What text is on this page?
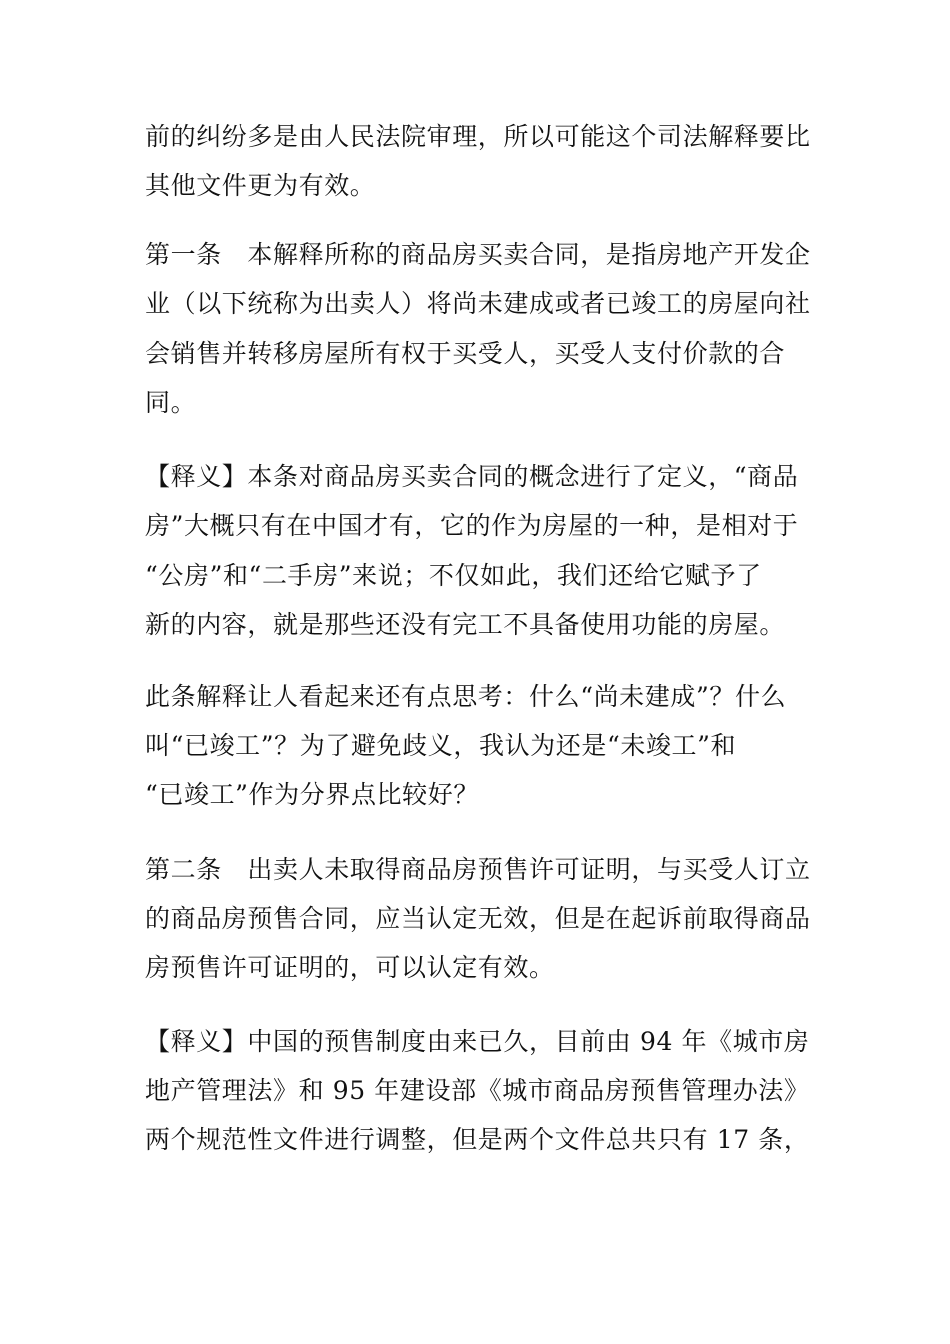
前的纠纷多是由人民法院审理，所以可能这个司法解释要比
其他文件更为有效。
第一条　本解释所称的商品房买卖合同，是指房地产开发企
业（以下统称为出卖人）将尚未建成或者已竣工的房屋向社
会销售并转移房屋所有权于买受人，买受人支付价款的合
同。
【释义】本条对商品房买卖合同的概念进行了定义，“商品
房”大概只有在中国才有，它的作为房屋的一种，是相对于
“公房”和“二手房”来说；不仅如此，我们还给它赋予了
新的内容，就是那些还没有完工不具备使用功能的房屋。
此条解释让人看起来还有点思考：什么“尚未建成”？什么
叫“已竣工”？为了避免歧义，我认为还是“未竣工”和
“已竣工”作为分界点比较好？
第二条　出卖人未取得商品房预售许可证明，与买受人订立
的商品房预售合同，应当认定无效，但是在起诉前取得商品
房预售许可证明的，可以认定有效。
【释义】中国的预售制度由来已久，目前由 94 年《城市房
地产管理法》和 95 年建设部《城市商品房预售管理办法》
两个规范性文件进行调整，但是两个文件总共只有 17 条，
